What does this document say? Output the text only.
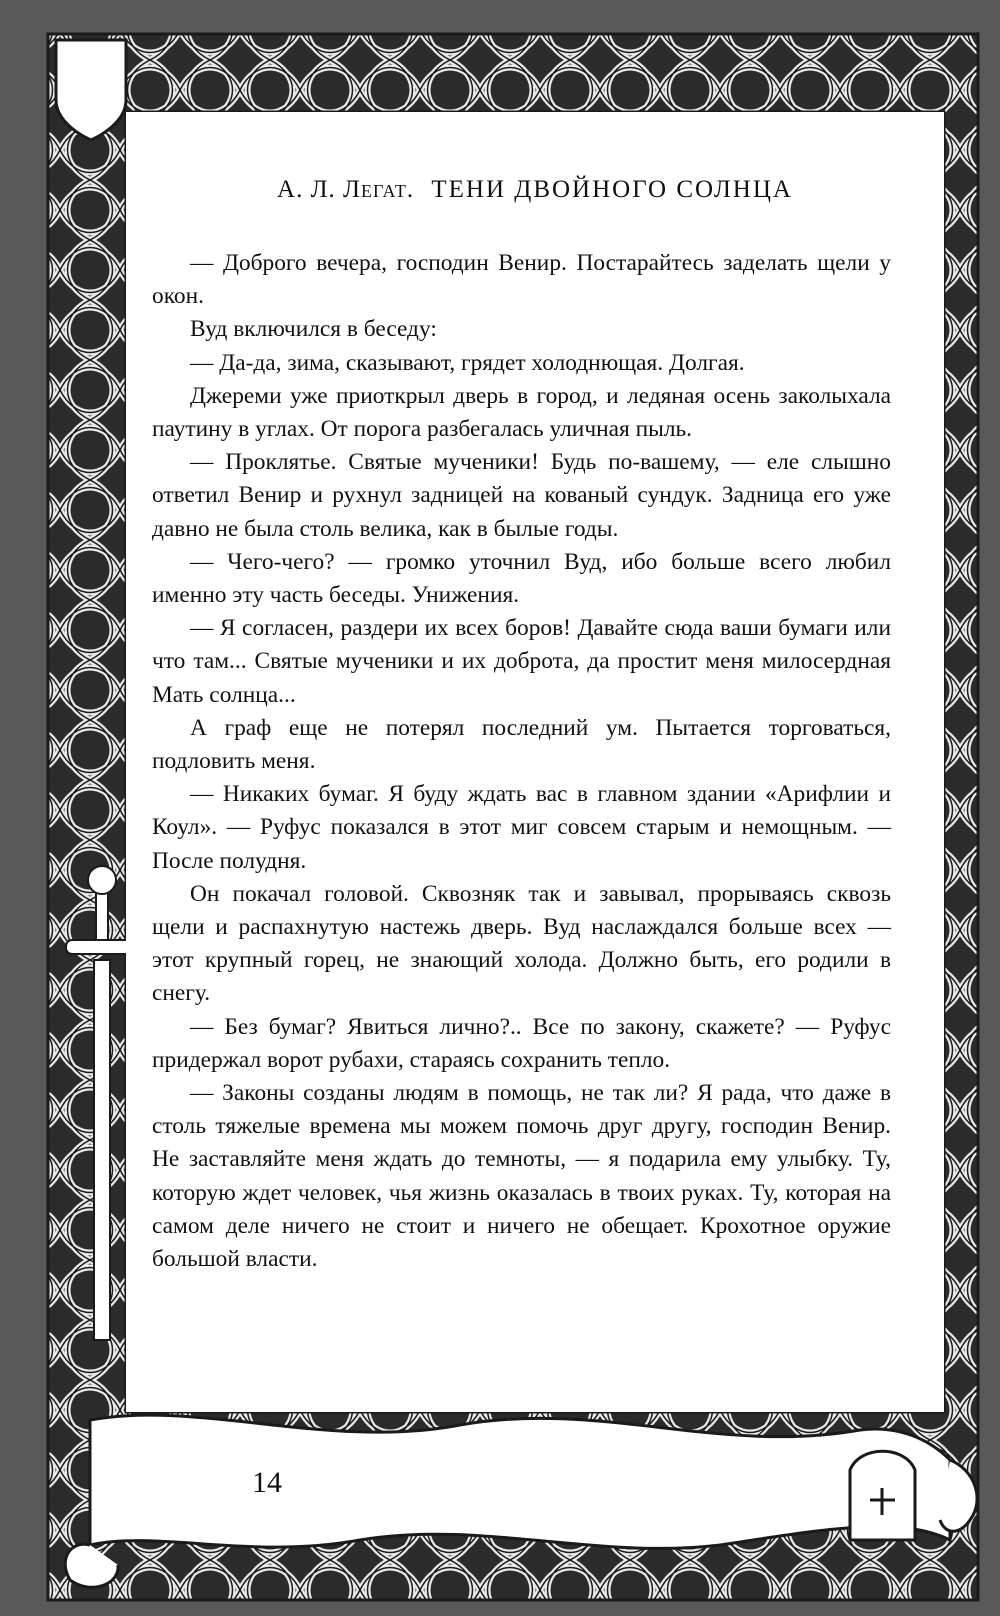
А. Л. Легат. ТЕНИ ДВОЙНОГО СОЛНЦА

— Доброго вечера, господин Венир. Постарайтесь заделать щели у окон.

Вуд включился в беседу:

— Да-да, зима, сказывают, грядет холоднющая. Долгая.

Джереми уже приоткрыл дверь в город, и ледяная осень заколыхала паутину в углах. От порога разбегалась уличная пыль.

— Проклятье. Святые мученики! Будь по-вашему, — еле слышно ответил Венир и рухнул задницей на кованый сундук. Задница его уже давно не была столь велика, как в былые годы.

— Чего-чего? — громко уточнил Вуд, ибо больше всего любил именно эту часть беседы. Унижения.

— Я согласен, раздери их всех боров! Давайте сюда ваши бумаги или что там... Святые мученики и их доброта, да простит меня милосердная Мать солнца...

А граф еще не потерял последний ум. Пытается торговаться, подловить меня.

— Никаких бумаг. Я буду ждать вас в главном здании «Арифлии и Коул». — Руфус показался в этот миг совсем старым и немощным. — После полудня.

Он покачал головой. Сквозняк так и завывал, прорываясь сквозь щели и распахнутую настежь дверь. Вуд наслаждался больше всех — этот крупный горец, не знающий холода. Должно быть, его родили в снегу.

— Без бумаг? Явиться лично?.. Все по закону, скажете? — Руфус придержал ворот рубахи, стараясь сохранить тепло.

— Законы созданы людям в помощь, не так ли? Я рада, что даже в столь тяжелые времена мы можем помочь друг другу, господин Венир. Не заставляйте меня ждать до темноты, — я подарила ему улыбку. Ту, которую ждет человек, чья жизнь оказалась в твоих руках. Ту, которая на самом деле ничего не стоит и ничего не обещает. Крохотное оружие большой власти.

14
